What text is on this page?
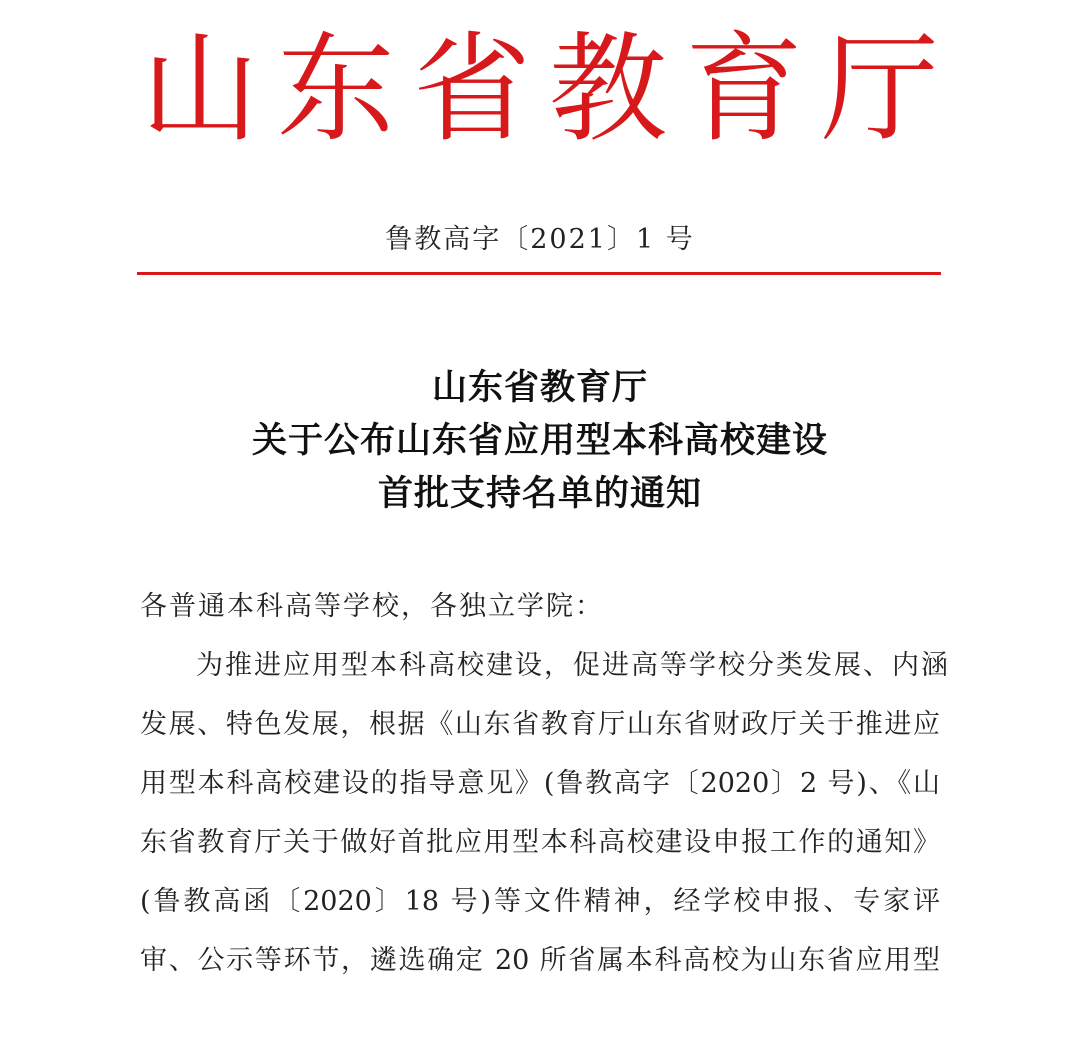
山 东 省 教 育 厅
鲁教高字〔2021〕1 号
山东省教育厅
关于公布山东省应用型本科高校建设
首批支持名单的通知
各普通本科高等学校，各独立学院：
为推进应用型本科高校建设，促进高等学校分类发展、内涵
发展、特色发展，根据《山东省教育厅山东省财政厅关于推进应
用型本科高校建设的指导意见》(鲁教高字〔2020〕2 号)、《山
东省教育厅关于做好首批应用型本科高校建设申报工作的通知》
(鲁教高函〔2020〕18 号)等文件精神，经学校申报、专家评
审、公示等环节，遴选确定 20 所省属本科高校为山东省应用型
